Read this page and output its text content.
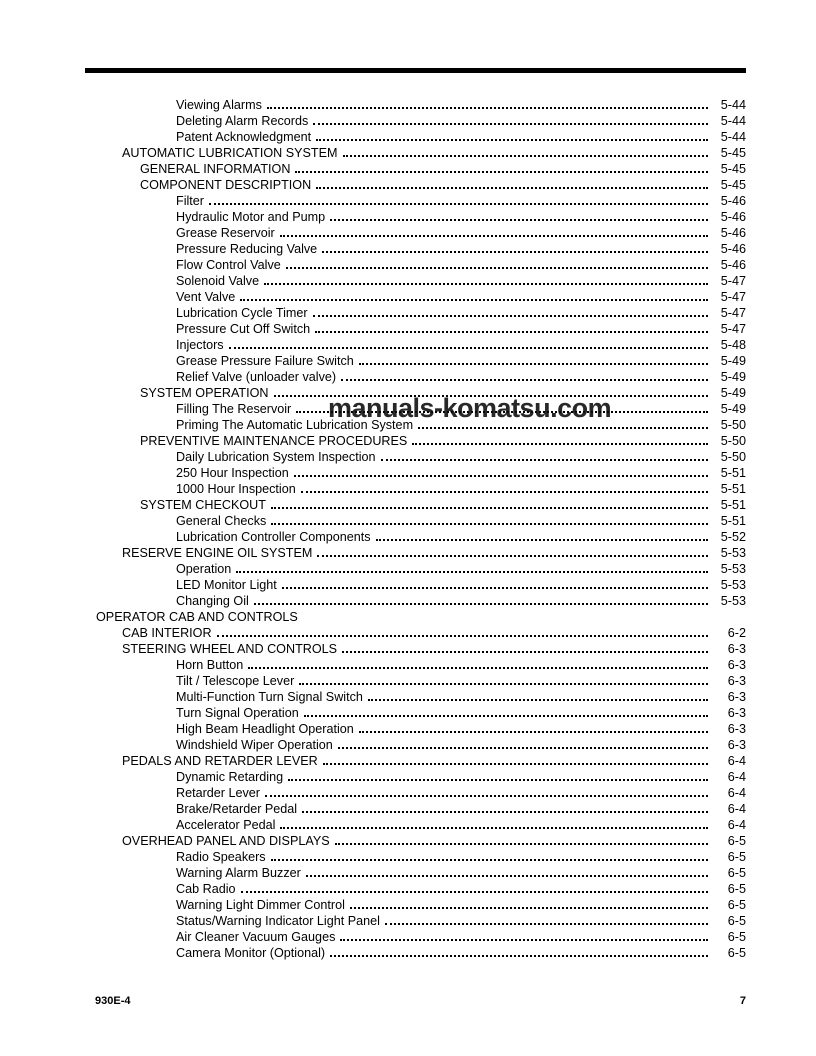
Viewing Alarms	5-44
Deleting Alarm Records	5-44
Patent Acknowledgment	5-44
AUTOMATIC LUBRICATION SYSTEM	5-45
GENERAL INFORMATION	5-45
COMPONENT DESCRIPTION	5-45
Filter	5-46
Hydraulic Motor and Pump	5-46
Grease Reservoir	5-46
Pressure Reducing Valve	5-46
Flow Control Valve	5-46
Solenoid Valve	5-47
Vent Valve	5-47
Lubrication Cycle Timer	5-47
Pressure Cut Off Switch	5-47
Injectors	5-48
Grease Pressure Failure Switch	5-49
Relief Valve (unloader valve)	5-49
SYSTEM OPERATION	5-49
Filling The Reservoir	5-49
Priming The Automatic Lubrication System	5-50
PREVENTIVE MAINTENANCE PROCEDURES	5-50
Daily Lubrication System Inspection	5-50
250 Hour Inspection	5-51
1000 Hour Inspection	5-51
SYSTEM CHECKOUT	5-51
General Checks	5-51
Lubrication Controller Components	5-52
RESERVE ENGINE OIL SYSTEM	5-53
Operation	5-53
LED Monitor Light	5-53
Changing Oil	5-53
OPERATOR CAB AND CONTROLS
CAB INTERIOR	6-2
STEERING WHEEL AND CONTROLS	6-3
Horn Button	6-3
Tilt / Telescope Lever	6-3
Multi-Function Turn Signal Switch	6-3
Turn Signal Operation	6-3
High Beam Headlight Operation	6-3
Windshield Wiper Operation	6-3
PEDALS AND RETARDER LEVER	6-4
Dynamic Retarding	6-4
Retarder Lever	6-4
Brake/Retarder Pedal	6-4
Accelerator Pedal	6-4
OVERHEAD PANEL AND DISPLAYS	6-5
Radio Speakers	6-5
Warning Alarm Buzzer	6-5
Cab Radio	6-5
Warning Light Dimmer Control	6-5
Status/Warning Indicator Light Panel	6-5
Air Cleaner Vacuum Gauges	6-5
Camera Monitor (Optional)	6-5
manuals-komatsu.com
930E-4	7
